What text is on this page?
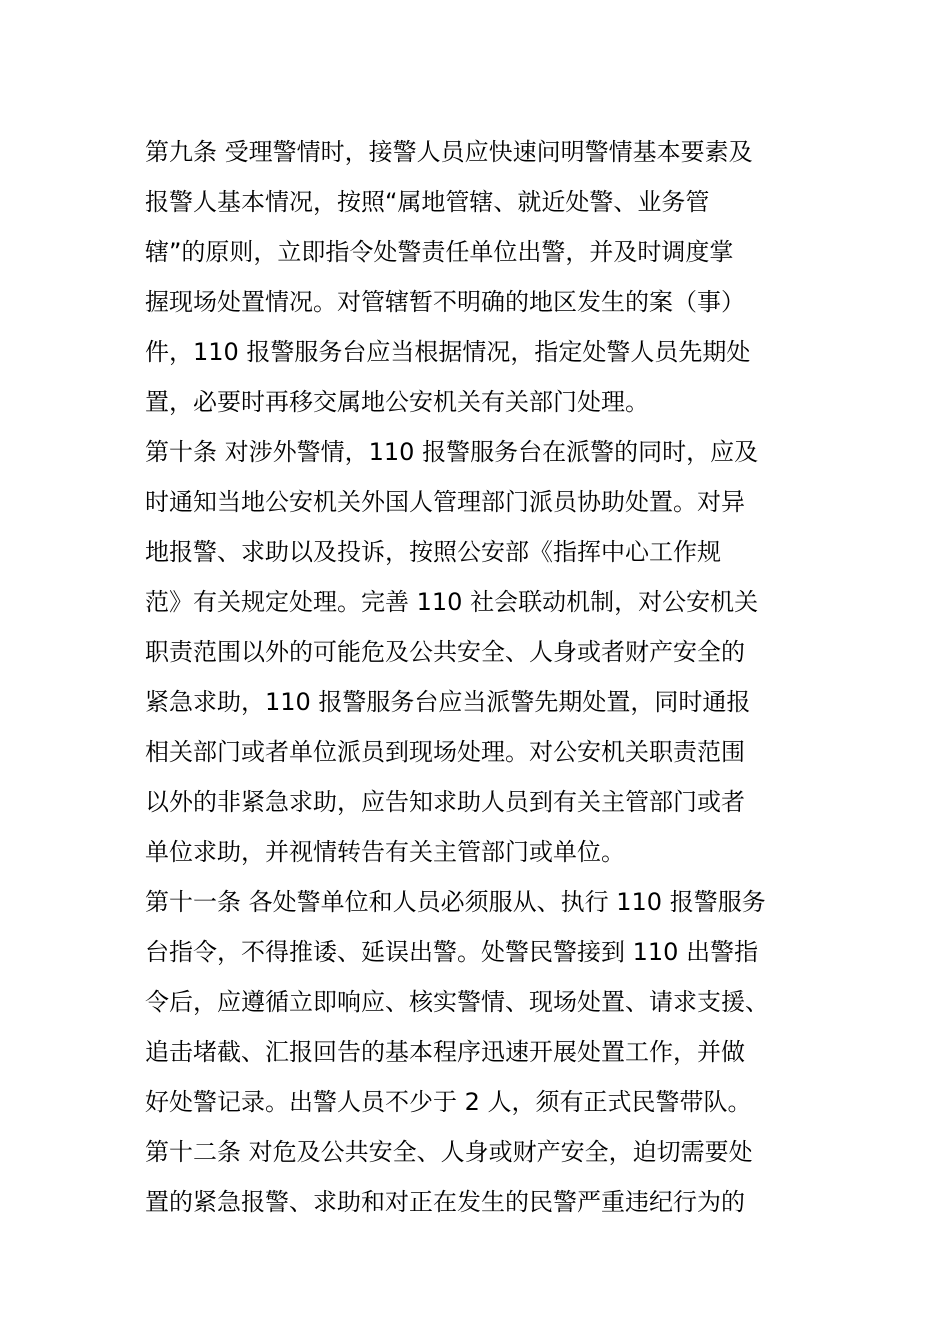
第九条 受理警情时，接警人员应快速问明警情基本要素及
报警人基本情况，按照“属地管辖、就近处警、业务管
辖”的原则，立即指令处警责任单位出警，并及时调度掌
握现场处置情况。对管辖暂不明确的地区发生的案（事）
件，110 报警服务台应当根据情况，指定处警人员先期处
置，必要时再移交属地公安机关有关部门处理。
第十条 对涉外警情，110 报警服务台在派警的同时，应及
时通知当地公安机关外国人管理部门派员协助处置。对异
地报警、求助以及投诉，按照公安部《指挥中心工作规
范》有关规定处理。完善 110 社会联动机制，对公安机关
职责范围以外的可能危及公共安全、人身或者财产安全的
紧急求助，110 报警服务台应当派警先期处置，同时通报
相关部门或者单位派员到现场处理。对公安机关职责范围
以外的非紧急求助，应告知求助人员到有关主管部门或者
单位求助，并视情转告有关主管部门或单位。
第十一条 各处警单位和人员必须服从、执行 110 报警服务
台指令，不得推诿、延误出警。处警民警接到 110 出警指
令后，应遵循立即响应、核实警情、现场处置、请求支援、
追击堵截、汇报回告的基本程序迅速开展处置工作，并做
好处警记录。出警人员不少于 2 人，须有正式民警带队。
第十二条 对危及公共安全、人身或财产安全，迫切需要处
置的紧急报警、求助和对正在发生的民警严重违纪行为的
